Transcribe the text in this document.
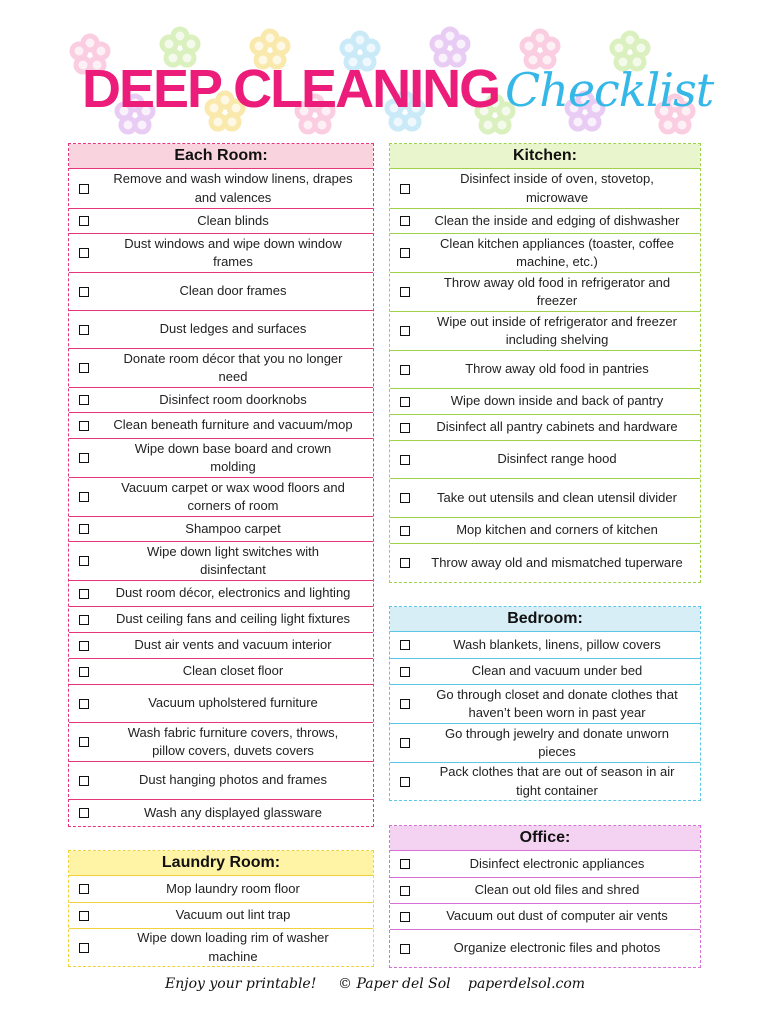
DEEP CLEANING Checklist
Each Room:
Remove and wash window linens, drapes
and valences
Clean blinds
Dust windows and wipe down window
frames
Clean door frames
Dust ledges and surfaces
Donate room décor that you no longer
need
Disinfect room doorknobs
Clean beneath furniture and vacuum/mop
Wipe down base board and crown
molding
Vacuum carpet or wax wood floors and
corners of room
Shampoo carpet
Wipe down light switches with
disinfectant
Dust room décor, electronics and lighting
Dust ceiling fans and ceiling light fixtures
Dust air vents and vacuum interior
Clean closet floor
Vacuum upholstered furniture
Wash fabric furniture covers, throws,
pillow covers, duvets covers
Dust hanging photos and frames
Wash any displayed glassware
Kitchen:
Disinfect inside of oven, stovetop,
microwave
Clean the inside and edging of dishwasher
Clean kitchen appliances (toaster, coffee
machine, etc.)
Throw away old food in refrigerator and
freezer
Wipe out inside of refrigerator and freezer
including shelving
Throw away old food in pantries
Wipe down inside and back of pantry
Disinfect all pantry cabinets and hardware
Disinfect range hood
Take out utensils and clean utensil divider
Mop kitchen and corners of kitchen
Throw away old and mismatched tuperware
Bedroom:
Wash blankets, linens, pillow covers
Clean and vacuum under bed
Go through closet and donate clothes that
haven’t been worn in past year
Go through jewelry and donate unworn
pieces
Pack clothes that are out of season in air
tight container
Office:
Disinfect electronic appliances
Clean out old files and shred
Vacuum out dust of computer air vents
Organize electronic files and photos
Laundry Room:
Mop laundry room floor
Vacuum out lint trap
Wipe down loading rim of washer
machine
Enjoy your printable! © Paper del Sol paperdelsol.com
